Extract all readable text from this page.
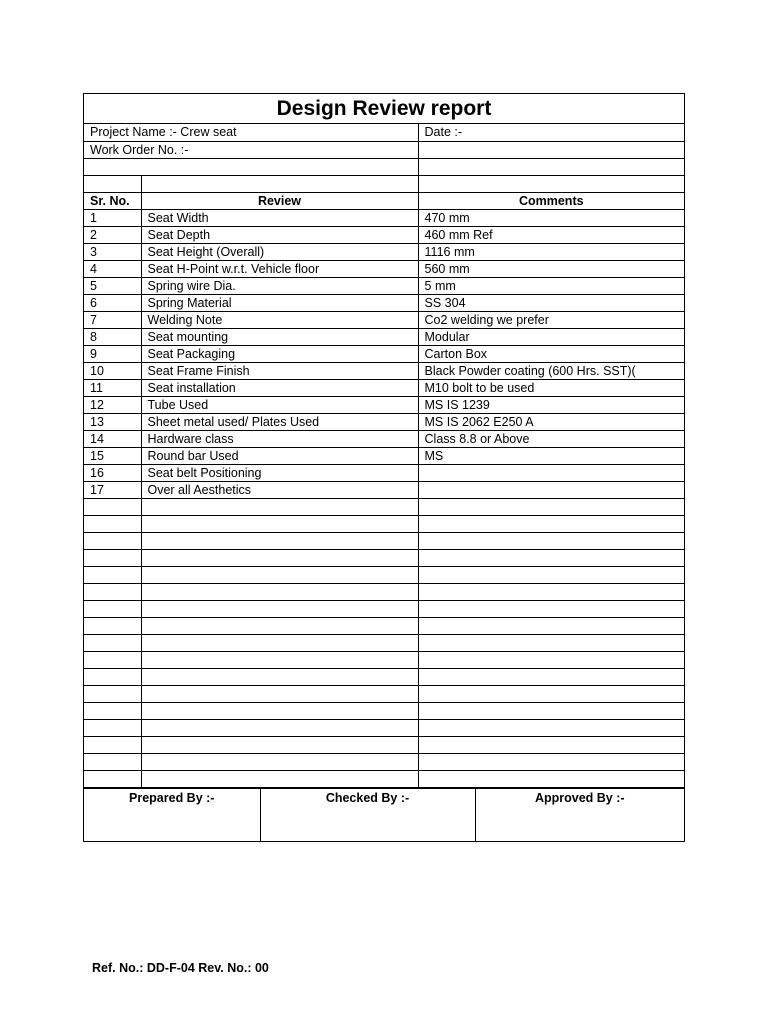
Design Review report
Project Name :- Crew seat		Date :-
Work Order No. :-		

Sr. No.	Review	Comments
1	Seat Width	470 mm
2	Seat Depth	460 mm Ref
3	Seat Height (Overall)	1116 mm
4	Seat H-Point w.r.t. Vehicle floor	560 mm
5	Spring wire Dia.	5 mm
6	Spring Material	SS 304
7	Welding Note	Co2 welding we prefer
8	Seat mounting	Modular
9	Seat Packaging	Carton Box
10	Seat Frame Finish	Black Powder coating (600 Hrs. SST)(
11	Seat installation	M10 bolt to be used
12	Tube Used	MS IS 1239
13	Sheet metal used/ Plates Used	MS IS 2062 E250 A
14	Hardware class	Class 8.8 or Above
15	Round bar Used	MS
16	Seat belt Positioning	
17	Over all Aesthetics	

Prepared By :-	Checked By :-	Approved By :-
Ref. No.: DD-F-04 Rev. No.: 00
